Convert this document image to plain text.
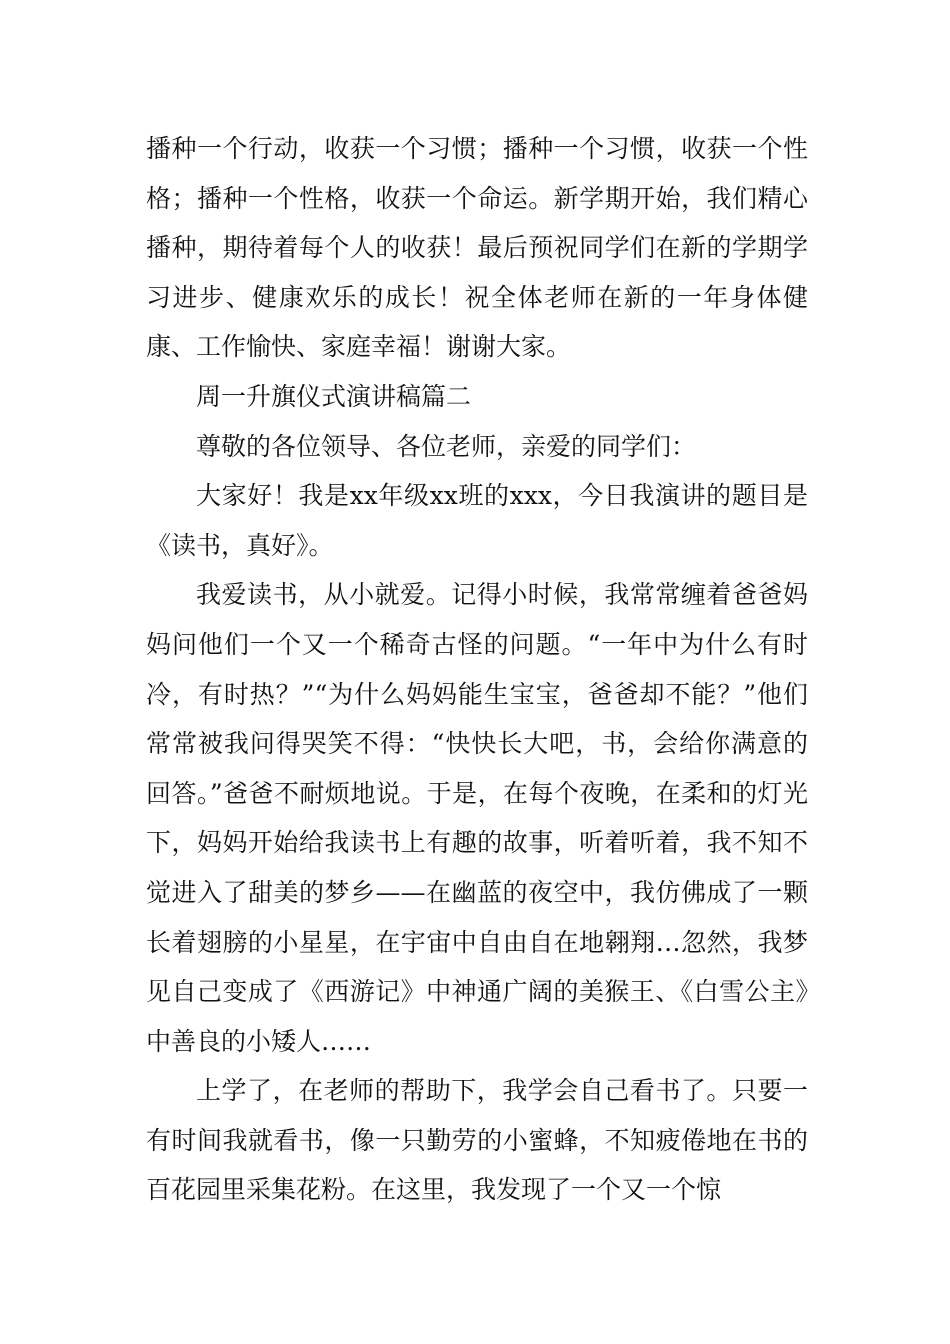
播种一个行动，收获一个习惯；播种一个习惯，收获一个性格；播种一个性格，收获一个命运。新学期开始，我们精心播种，期待着每个人的收获！最后预祝同学们在新的学期学习进步、健康欢乐的成长！祝全体老师在新的一年身体健康、工作愉快、家庭幸福！谢谢大家。

周一升旗仪式演讲稿篇二

尊敬的各位领导、各位老师，亲爱的同学们：

大家好！我是xx年级xx班的xxx，今日我演讲的题目是《读书，真好》。

我爱读书，从小就爱。记得小时候，我常常缠着爸爸妈妈问他们一个又一个稀奇古怪的问题。“一年中为什么有时冷，有时热？”“为什么妈妈能生宝宝，爸爸却不能？”他们常常被我问得哭笑不得：“快快长大吧，书，会给你满意的回答。”爸爸不耐烦地说。于是，在每个夜晚，在柔和的灯光下，妈妈开始给我读书上有趣的故事，听着听着，我不知不觉进入了甜美的梦乡——在幽蓝的夜空中，我仿佛成了一颗长着翅膀的小星星，在宇宙中自由自在地翱翔…忽然，我梦见自己变成了《西游记》中神通广阔的美猴王、《白雪公主》中善良的小矮人……

上学了，在老师的帮助下，我学会自己看书了。只要一有时间我就看书，像一只勤劳的小蜜蜂，不知疲倦地在书的百花园里采集花粉。在这里，我发现了一个又一个惊
